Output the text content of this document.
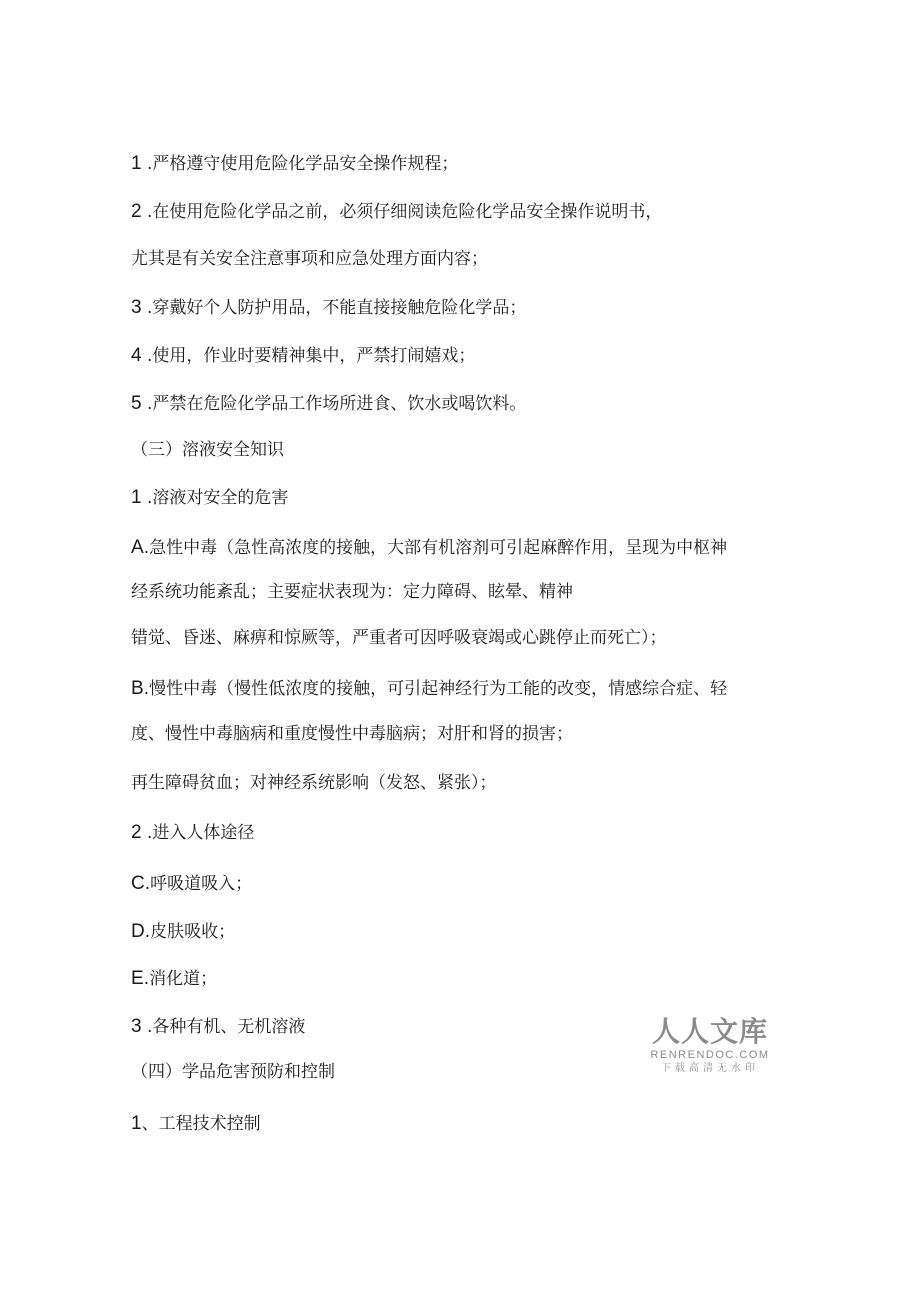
1 .严格遵守使用危险化学品安全操作规程；
2 .在使用危险化学品之前，必须仔细阅读危险化学品安全操作说明书，
尤其是有关安全注意事项和应急处理方面内容；
3 .穿戴好个人防护用品，不能直接接触危险化学品；
4 .使用，作业时要精神集中，严禁打闹嬉戏；
5 .严禁在危险化学品工作场所进食、饮水或喝饮料。
（三）溶液安全知识
1 .溶液对安全的危害
A.急性中毒（急性高浓度的接触，大部有机溶剂可引起麻醉作用，呈现为中枢神
经系统功能紊乱；主要症状表现为：定力障碍、眩晕、精神
错觉、昏迷、麻痹和惊厥等，严重者可因呼吸衰竭或心跳停止而死亡）；
B.慢性中毒（慢性低浓度的接触，可引起神经行为工能的改变，情感综合症、轻
度、慢性中毒脑病和重度慢性中毒脑病；对肝和肾的损害；
再生障碍贫血；对神经系统影响（发怒、紧张）；
2 .进入人体途径
C.呼吸道吸入；
D.皮肤吸收；
E.消化道；
3 .各种有机、无机溶液
（四）学品危害预防和控制
1、工程技术控制
人人文库
RENRENDOC.COM
下载高清无水印
